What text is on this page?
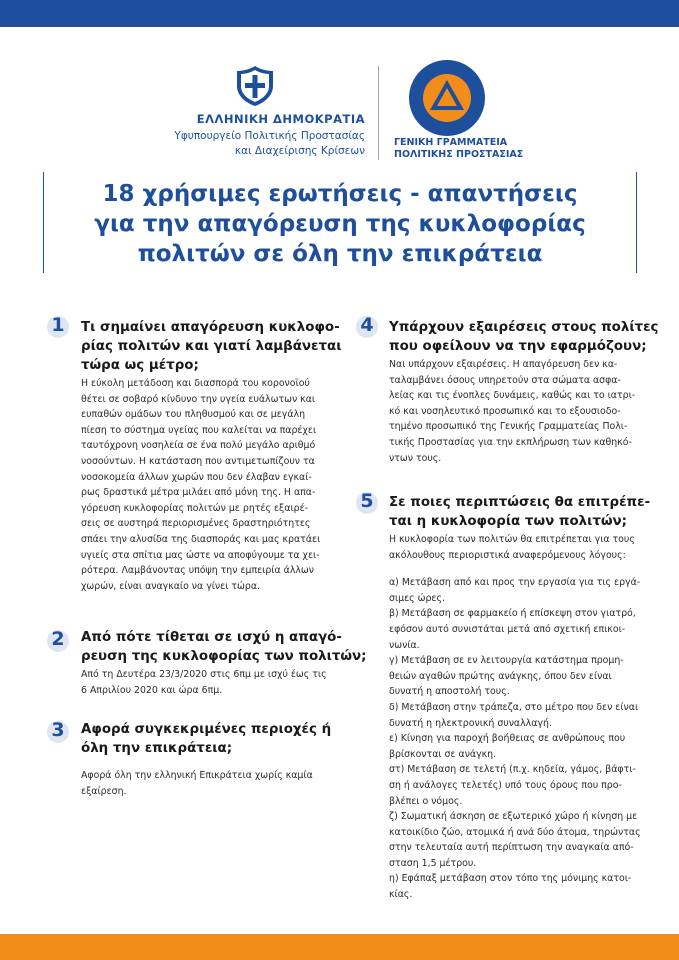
ΕΛΛΗΝΙΚΗ ΔΗΜΟΚΡΑΤΙΑ
Υφυπουργείο Πολιτικής Προστασίας
και Διαχείρισης Κρίσεων
ΓΕΝΙΚΗ ΓΡΑΜΜΑΤΕΙΑ
ΠΟΛΙΤΙΚΗΣ ΠΡΟΣΤΑΣΙΑΣ
18 χρήσιμες ερωτήσεις - απαντήσεις
για την απαγόρευση της κυκλοφορίας
πολιτών σε όλη την επικράτεια
1	Τι σημαίνει απαγόρευση κυκλοφο-
ρίας πολιτών και γιατί λαμβάνεται
τώρα ως μέτρο;
Η εύκολη μετάδοση και διασπορά του κορονοϊού
θέτει σε σοβαρό κίνδυνο την υγεία ευάλωτων και
ευπαθών ομάδων του πληθυσμού και σε μεγάλη
πίεση το σύστημα υγείας που καλείται να παρέχει
ταυτόχρονη νοσηλεία σε ένα πολύ μεγάλο αριθμό
νοσούντων. Η κατάσταση που αντιμετωπίζουν τα
νοσοκομεία άλλων χωρών που δεν έλαβαν εγκαί-
ρως δραστικά μέτρα μιλάει από μόνη της. Η απα-
γόρευση κυκλοφορίας πολιτών με ρητές εξαιρέ-
σεις σε αυστηρά περιορισμένες δραστηριότητες
σπάει την αλυσίδα της διασποράς και μας κρατάει
υγιείς στα σπίτια μας ώστε να αποφύγουμε τα χει-
ρότερα. Λαμβάνοντας υπόψη την εμπειρία άλλων
χωρών, είναι αναγκαίο να γίνει τώρα.
2	Από πότε τίθεται σε ισχύ η απαγό-
ρευση της κυκλοφορίας των πολιτών;
Από τη Δευτέρα 23/3/2020 στις 6πμ με ισχύ έως τις
6 Απριλίου 2020 και ώρα 6πμ.
3	Αφορά συγκεκριμένες περιοχές ή
όλη την επικράτεια;
Αφορά όλη την ελληνική Επικράτεια χωρίς καμία
εξαίρεση.
4	Υπάρχουν εξαιρέσεις στους πολίτες
που οφείλουν να την εφαρμόζουν;
Ναι υπάρχουν εξαιρέσεις. Η απαγόρευση δεν κα-
ταλαμβάνει όσους υπηρετούν στα σώματα ασφα-
λείας και τις ένοπλες δυνάμεις, καθώς και το ιατρι-
κό και νοσηλευτικό προσωπικό και το εξουσιοδο-
τημένο προσωπικό της Γενικής Γραμματείας Πολι-
τικής Προστασίας για την εκπλήρωση των καθηκό-
ντων τους.
5	Σε ποιες περιπτώσεις θα επιτρέπε-
ται η κυκλοφορία των πολιτών;
Η κυκλοφορία των πολιτών θα επιτρέπεται για τους
ακόλουθους περιοριστικά αναφερόμενους λόγους:
α) Μετάβαση από και προς την εργασία για τις εργά-
σιμες ώρες.
β) Μετάβαση σε φαρμακείο ή επίσκεψη στον γιατρό,
εφόσον αυτό συνιστάται μετά από σχετική επικοι-
νωνία.
γ) Μετάβαση σε εν λειτουργία κατάστημα προμη-
θειών αγαθών πρώτης ανάγκης, όπου δεν είναι
δυνατή η αποστολή τους.
δ) Μετάβαση στην τράπεζα, στο μέτρο που δεν είναι
δυνατή η ηλεκτρονική συναλλαγή.
ε) Κίνηση για παροχή βοήθειας σε ανθρώπους που
βρίσκονται σε ανάγκη.
στ) Μετάβαση σε τελετή (π.χ. κηδεία, γάμος, βάφτι-
ση ή ανάλογες τελετές) υπό τους όρους που προ-
βλέπει ο νόμος.
ζ) Σωματική άσκηση σε εξωτερικό χώρο ή κίνηση με
κατοικίδιο ζώο, ατομικά ή ανά δύο άτομα, τηρώντας
στην τελευταία αυτή περίπτωση την αναγκαία από-
σταση 1,5 μέτρου.
η) Εφάπαξ μετάβαση στον τόπο της μόνιμης κατοι-
κίας.
